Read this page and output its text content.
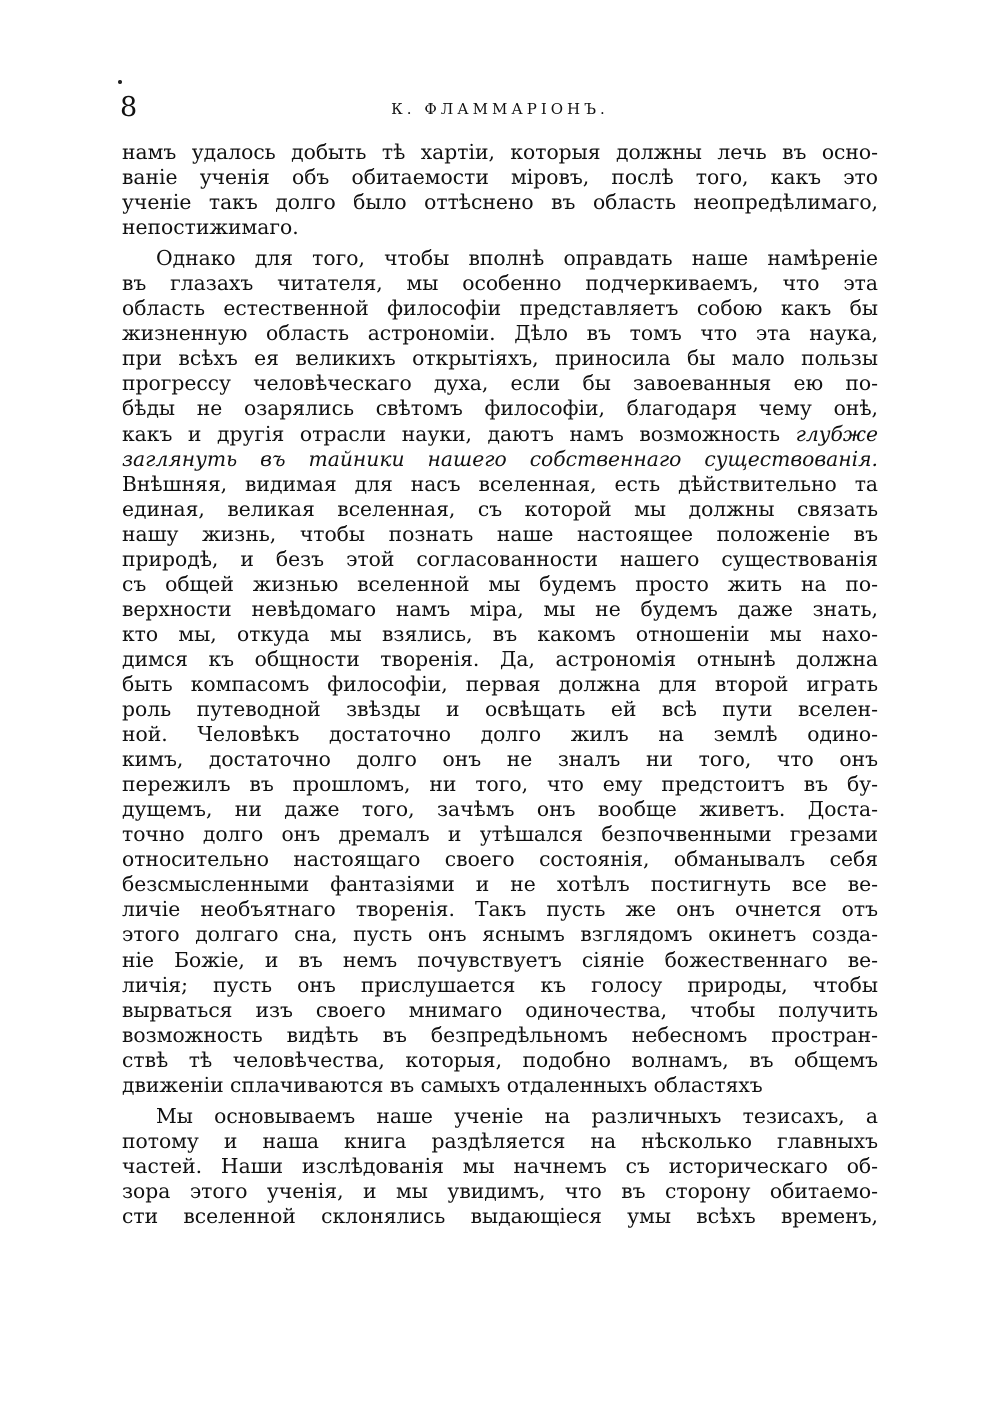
8	К. ФЛАММАРІОНЪ.
намъ удалось добыть тѣ хартіи, которыя должны лечь въ осно-
ваніе ученія объ обитаемости міровъ, послѣ того, какъ это
ученіе такъ долго было оттѣснено въ область неопредѣлимаго,
непостижимаго.
Однако для того, чтобы вполнѣ оправдать наше намѣреніе
въ глазахъ читателя, мы особенно подчеркиваемъ, что эта
область естественной философіи представляетъ собою какъ бы
жизненную область астрономіи. Дѣло въ томъ что эта наука,
при всѣхъ ея великихъ открытіяхъ, приносила бы мало пользы
прогрессу человѣческаго духа, если бы завоеванныя ею по-
бѣды не озарялись свѣтомъ философіи, благодаря чему онѣ,
какъ и другія отрасли науки, даютъ намъ возможность глубже
заглянуть въ тайники нашего собственнаго существованія.
Внѣшняя, видимая для насъ вселенная, есть дѣйствительно та
единая, великая вселенная, съ которой мы должны связать
нашу жизнь, чтобы познать наше настоящее положеніе въ
природѣ, и безъ этой согласованности нашего существованія
съ общей жизнью вселенной мы будемъ просто жить на по-
верхности невѣдомаго намъ міра, мы не будемъ даже знать,
кто мы, откуда мы взялись, въ какомъ отношеніи мы нахо-
димся къ общности творенія. Да, астрономія отнынѣ должна
быть компасомъ философіи, первая должна для второй играть
роль путеводной звѣзды и освѣщать ей всѣ пути вселен-
ной. Человѣкъ достаточно долго жилъ на землѣ одино-
кимъ, достаточно долго онъ не зналъ ни того, что онъ
пережилъ въ прошломъ, ни того, что ему предстоитъ въ бу-
дущемъ, ни даже того, зачѣмъ онъ вообще живетъ. Доста-
точно долго онъ дремалъ и утѣшался безпочвенными грезами
относительно настоящаго своего состоянія, обманывалъ себя
безсмысленными фантазіями и не хотѣлъ постигнуть все ве-
личіе необъятнаго творенія. Такъ пусть же онъ очнется отъ
этого долгаго сна, пусть онъ яснымъ взглядомъ окинетъ созда-
ніе Божіе, и въ немъ почувствуетъ сіяніе божественнаго ве-
личія; пусть онъ прислушается къ голосу природы, чтобы
вырваться изъ своего мнимаго одиночества, чтобы получить
возможность видѣть въ безпредѣльномъ небесномъ простран-
ствѣ тѣ человѣчества, которыя, подобно волнамъ, въ общемъ
движеніи сплачиваются въ самыхъ отдаленныхъ областяхъ
Мы основываемъ наше ученіе на различныхъ тезисахъ, а
потому и наша книга раздѣляется на нѣсколько главныхъ
частей. Наши изслѣдованія мы начнемъ съ историческаго об-
зора этого ученія, и мы увидимъ, что въ сторону обитаемо-
сти вселенной склонялись выдающіеся умы всѣхъ временъ,
